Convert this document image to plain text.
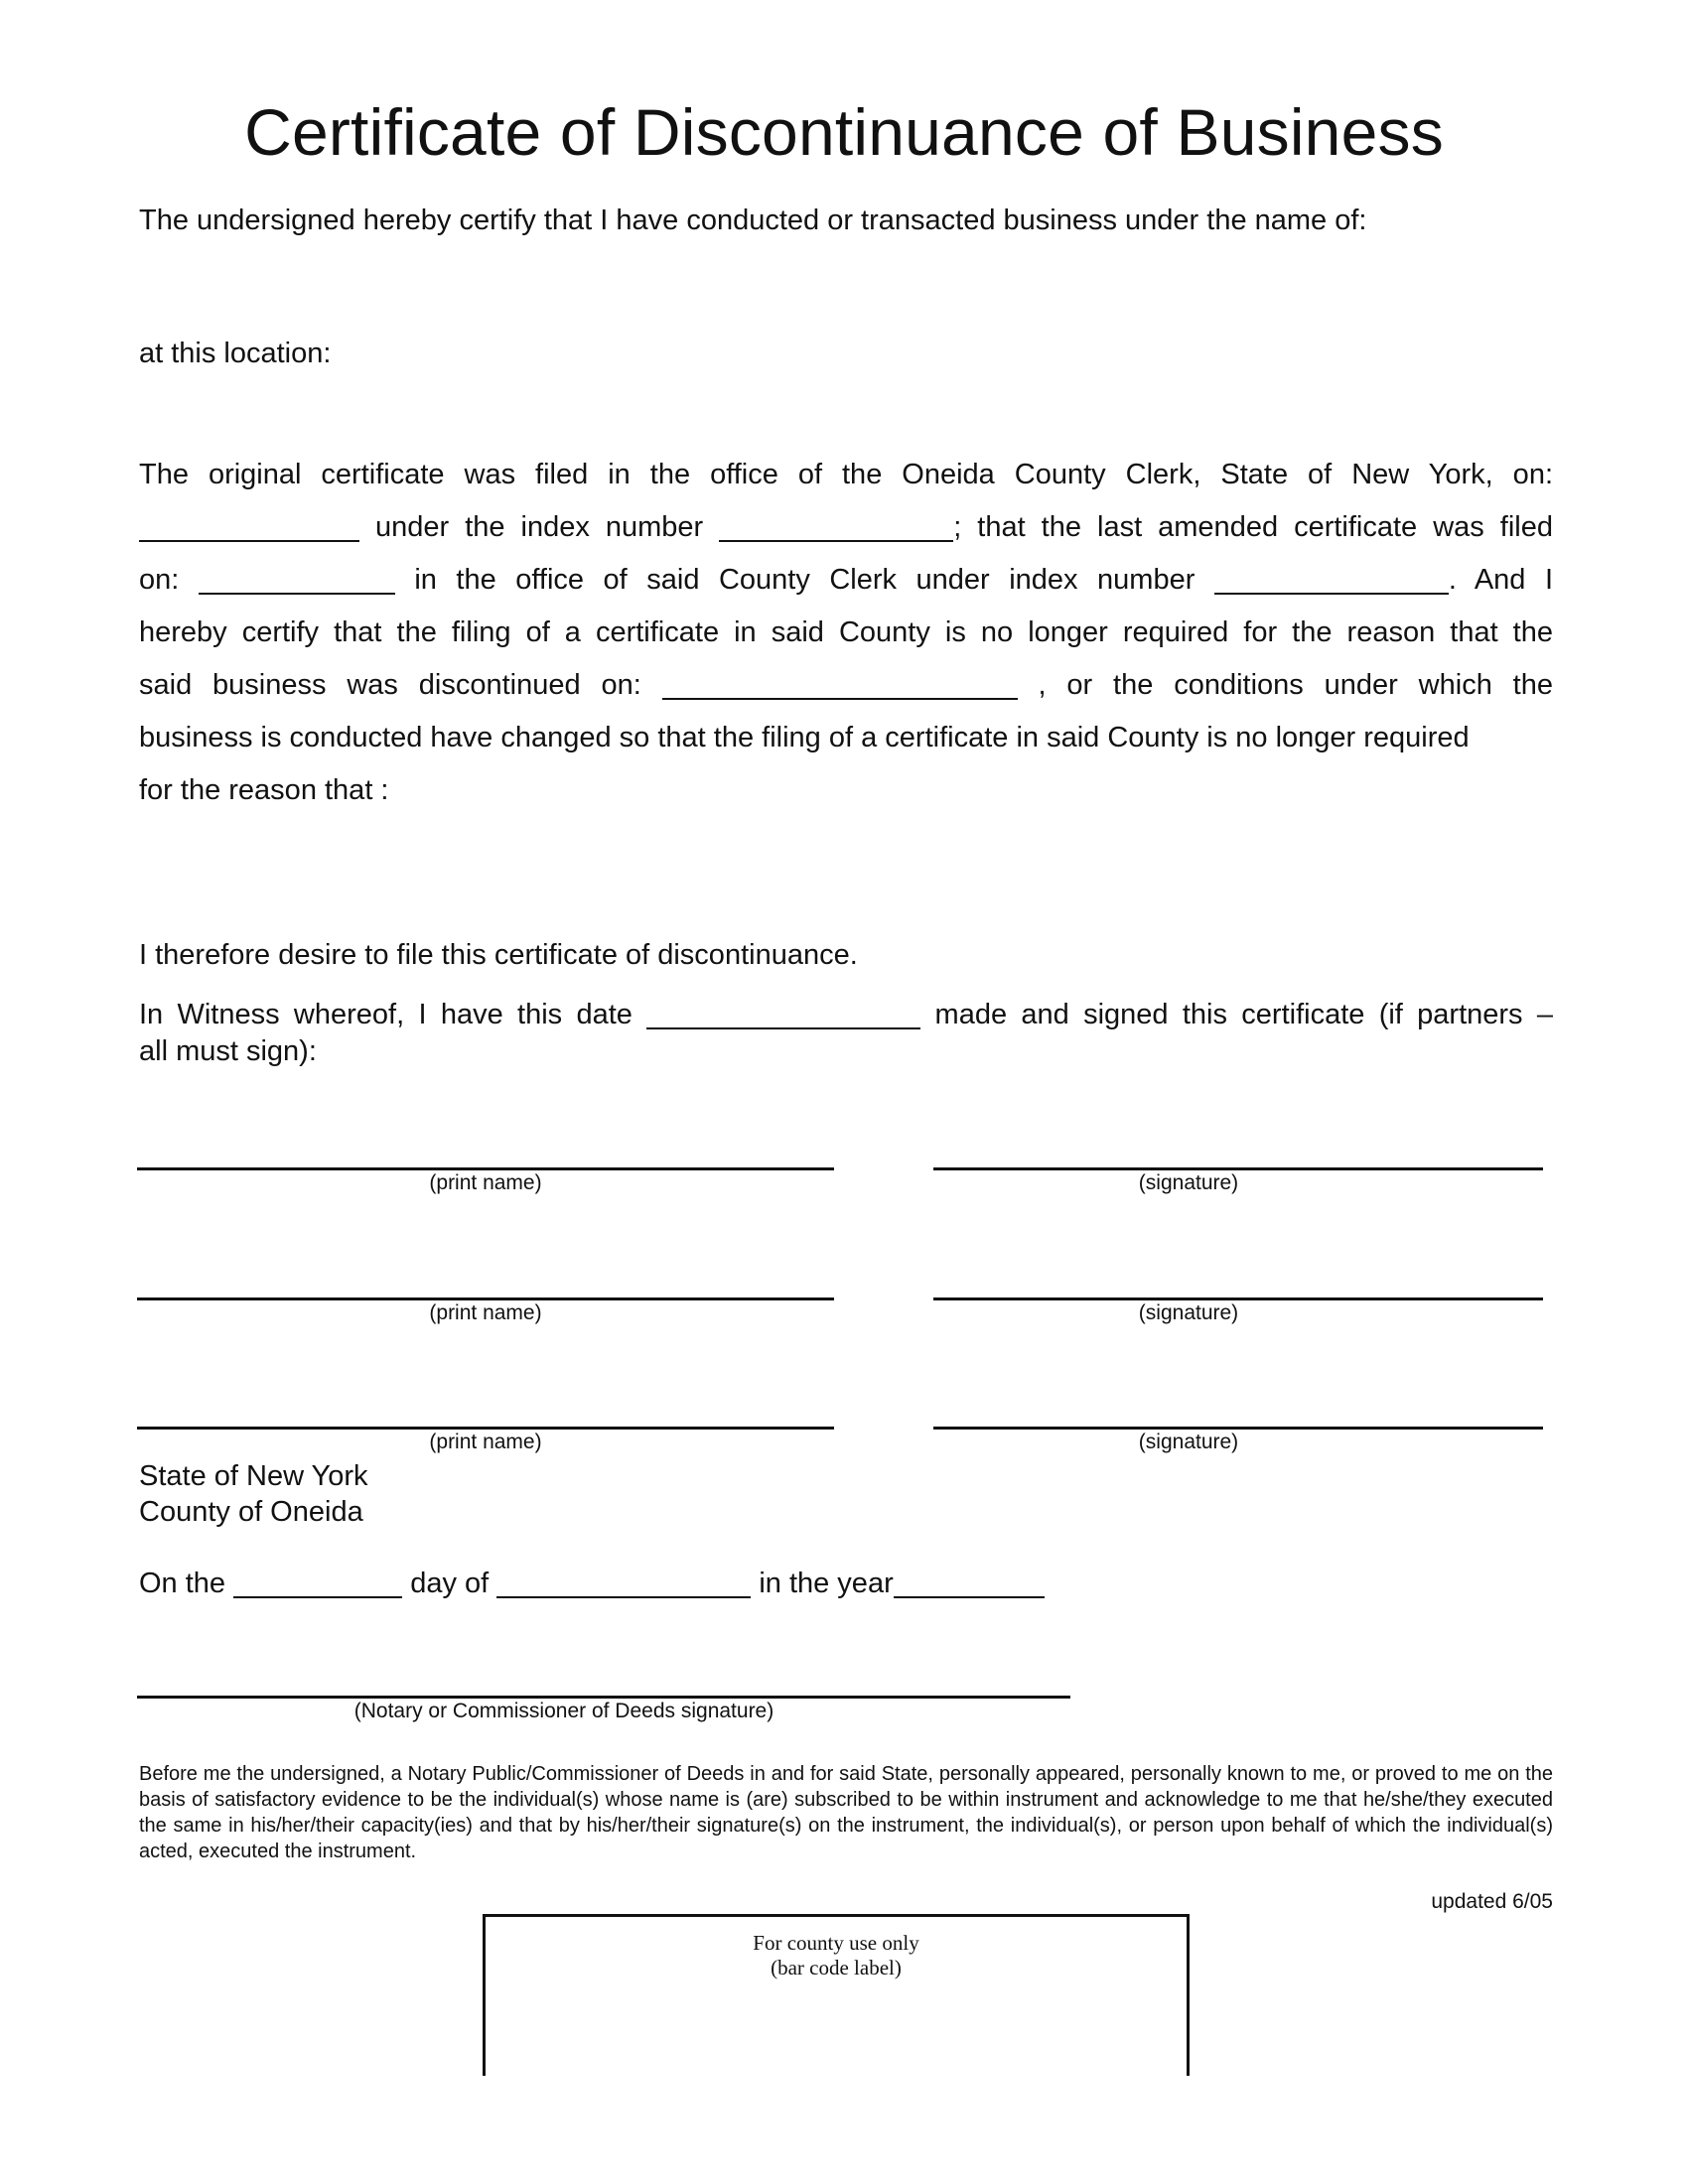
Certificate of Discontinuance of Business
The undersigned hereby certify that I have conducted or transacted business under the name of:
at this location:
The original certificate was filed in the office of the Oneida County Clerk, State of New York, on:
under the index number	; that the last amended certificate was filed
on:	in the office of said County Clerk under index number	. And I
hereby certify that the filing of a certificate in said County is no longer required for the reason that the
said business was discontinued on:	, or the conditions under which the
business is conducted have changed so that the filing of a certificate in said County is no longer required
for the reason that :
I therefore desire to file this certificate of discontinuance.
In Witness whereof, I have this date	made and signed this certificate (if partners –
all must sign):
(print name)	(signature)
(print name)	(signature)
(print name)	(signature)
State of New York
County of Oneida
On the	day of	in the year
(Notary or Commissioner of Deeds signature)
Before me the undersigned, a Notary Public/Commissioner of Deeds in and for said State, personally appeared, personally known to me, or proved to me on the basis of satisfactory evidence to be the individual(s) whose name is (are) subscribed to be within instrument and acknowledge to me that he/she/they executed the same in his/her/their capacity(ies) and that by his/her/their signature(s) on the instrument, the individual(s), or person upon behalf of which the individual(s) acted, executed the instrument.
updated 6/05
For county use only
(bar code label)
